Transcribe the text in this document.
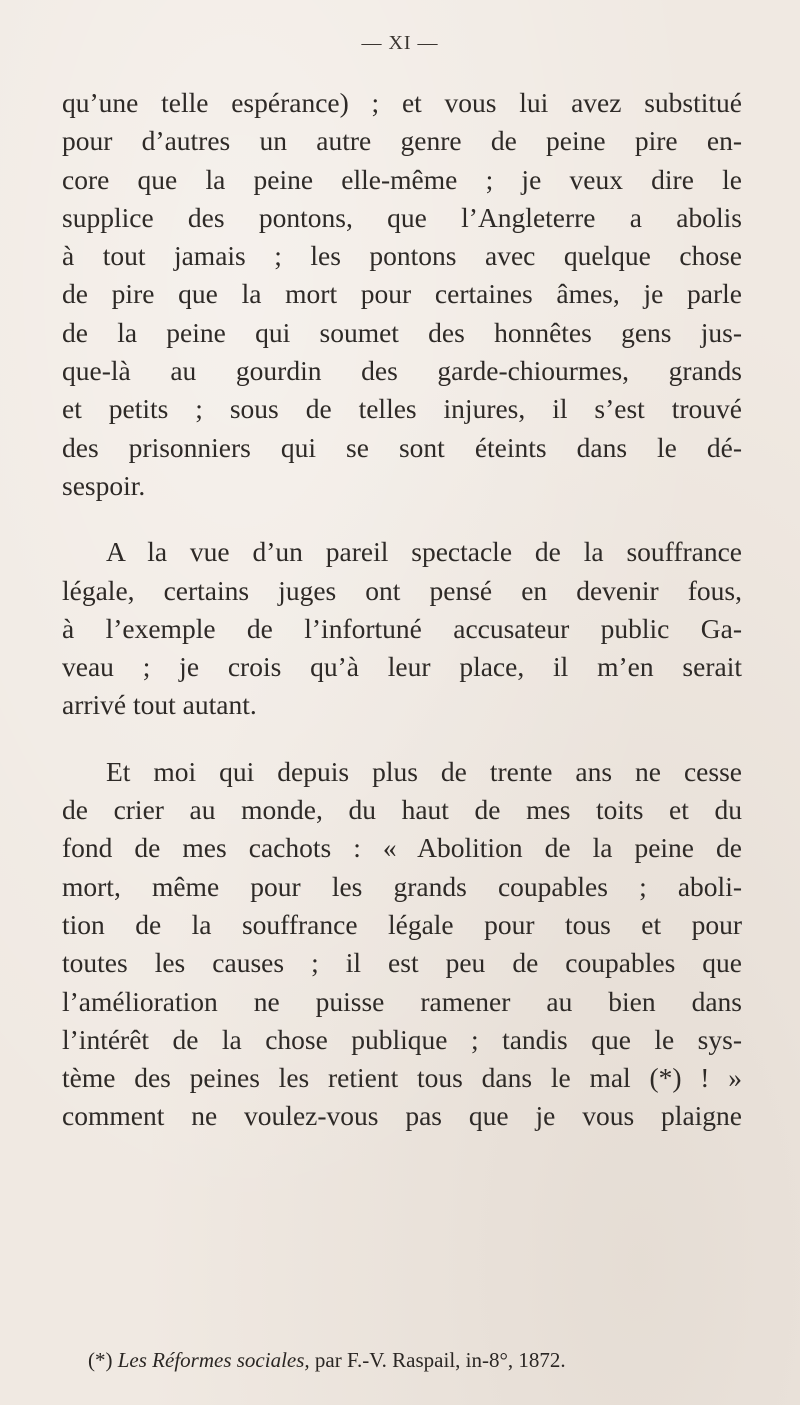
— XI —

qu’une telle espérance) ; et vous lui avez substitué
pour d’autres un autre genre de peine pire en-
core que la peine elle-même ; je veux dire le
supplice des pontons, que l’Angleterre a abolis
à tout jamais ; les pontons avec quelque chose
de pire que la mort pour certaines âmes, je parle
de la peine qui soumet des honnêtes gens jus-
que-là au gourdin des garde-chiourmes, grands
et petits ; sous de telles injures, il s’est trouvé
des prisonniers qui se sont éteints dans le dé-
sespoir.

A la vue d’un pareil spectacle de la souffrance
légale, certains juges ont pensé en devenir fous,
à l’exemple de l’infortuné accusateur public Ga-
veau ; je crois qu’à leur place, il m’en serait
arrivé tout autant.

Et moi qui depuis plus de trente ans ne cesse
de crier au monde, du haut de mes toits et du
fond de mes cachots : « Abolition de la peine de
mort, même pour les grands coupables ; aboli-
tion de la souffrance légale pour tous et pour
toutes les causes ; il est peu de coupables que
l’amélioration ne puisse ramener au bien dans
l’intérêt de la chose publique ; tandis que le sys-
tème des peines les retient tous dans le mal (*) ! »
comment ne voulez-vous pas que je vous plaigne

(*) Les Réformes sociales, par F.-V. Raspail, in-8°, 1872.
